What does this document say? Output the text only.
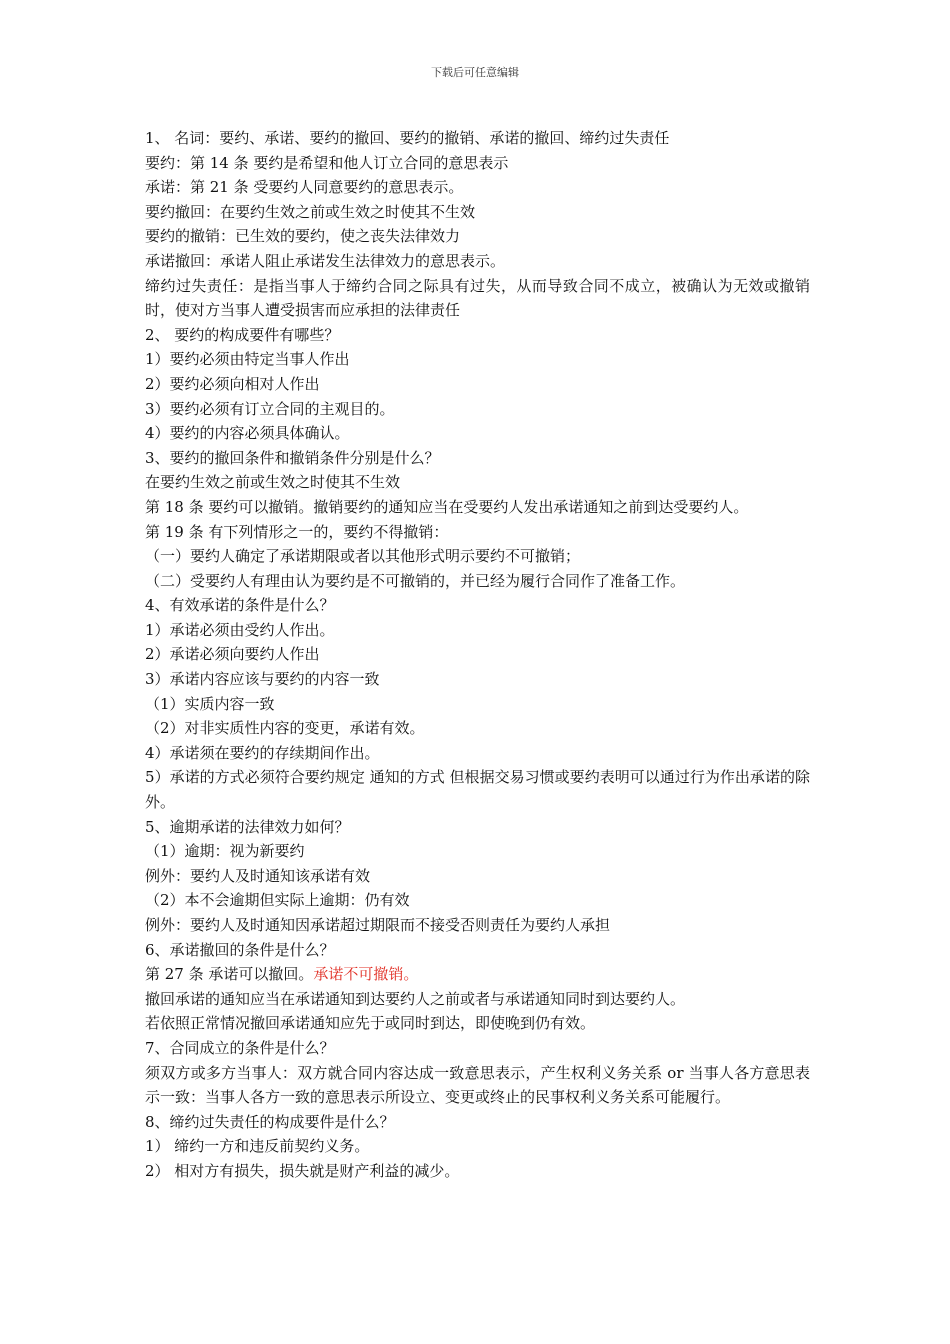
下载后可任意编辑
1、 名词：要约、承诺、要约的撤回、要约的撤销、承诺的撤回、缔约过失责任
要约：第 14 条 要约是希望和他人订立合同的意思表示
承诺：第 21 条 受要约人同意要约的意思表示。
要约撤回：在要约生效之前或生效之时使其不生效
要约的撤销：已生效的要约，使之丧失法律效力
承诺撤回：承诺人阻止承诺发生法律效力的意思表示。
缔约过失责任：是指当事人于缔约合同之际具有过失，从而导致合同不成立，被确认为无效或撤销时，使对方当事人遭受损害而应承担的法律责任
2、 要约的构成要件有哪些？
1）要约必须由特定当事人作出
2）要约必须向相对人作出
3）要约必须有订立合同的主观目的。
4）要约的内容必须具体确认。
3、要约的撤回条件和撤销条件分别是什么？
在要约生效之前或生效之时使其不生效
第 18 条 要约可以撤销。撤销要约的通知应当在受要约人发出承诺通知之前到达受要约人。
第 19 条 有下列情形之一的，要约不得撤销：
（一）要约人确定了承诺期限或者以其他形式明示要约不可撤销；
（二）受要约人有理由认为要约是不可撤销的，并已经为履行合同作了准备工作。
4、有效承诺的条件是什么？
1）承诺必须由受约人作出。
2）承诺必须向要约人作出
3）承诺内容应该与要约的内容一致
（1）实质内容一致
（2）对非实质性内容的变更，承诺有效。
4）承诺须在要约的存续期间作出。
5）承诺的方式必须符合要约规定 通知的方式 但根据交易习惯或要约表明可以通过行为作出承诺的除外。
5、逾期承诺的法律效力如何？
（1）逾期：视为新要约
例外：要约人及时通知该承诺有效
（2）本不会逾期但实际上逾期：仍有效
例外：要约人及时通知因承诺超过期限而不接受否则责任为要约人承担
6、承诺撤回的条件是什么？
第 27 条 承诺可以撤回。承诺不可撤销。
撤回承诺的通知应当在承诺通知到达要约人之前或者与承诺通知同时到达要约人。
若依照正常情况撤回承诺通知应先于或同时到达，即使晚到仍有效。
7、合同成立的条件是什么？
须双方或多方当事人：双方就合同内容达成一致意思表示，产生权利义务关系 or 当事人各方意思表示一致：当事人各方一致的意思表示所设立、变更或终止的民事权利义务关系可能履行。
8、缔约过失责任的构成要件是什么？
1） 缔约一方和违反前契约义务。
2） 相对方有损失，损失就是财产利益的减少。
